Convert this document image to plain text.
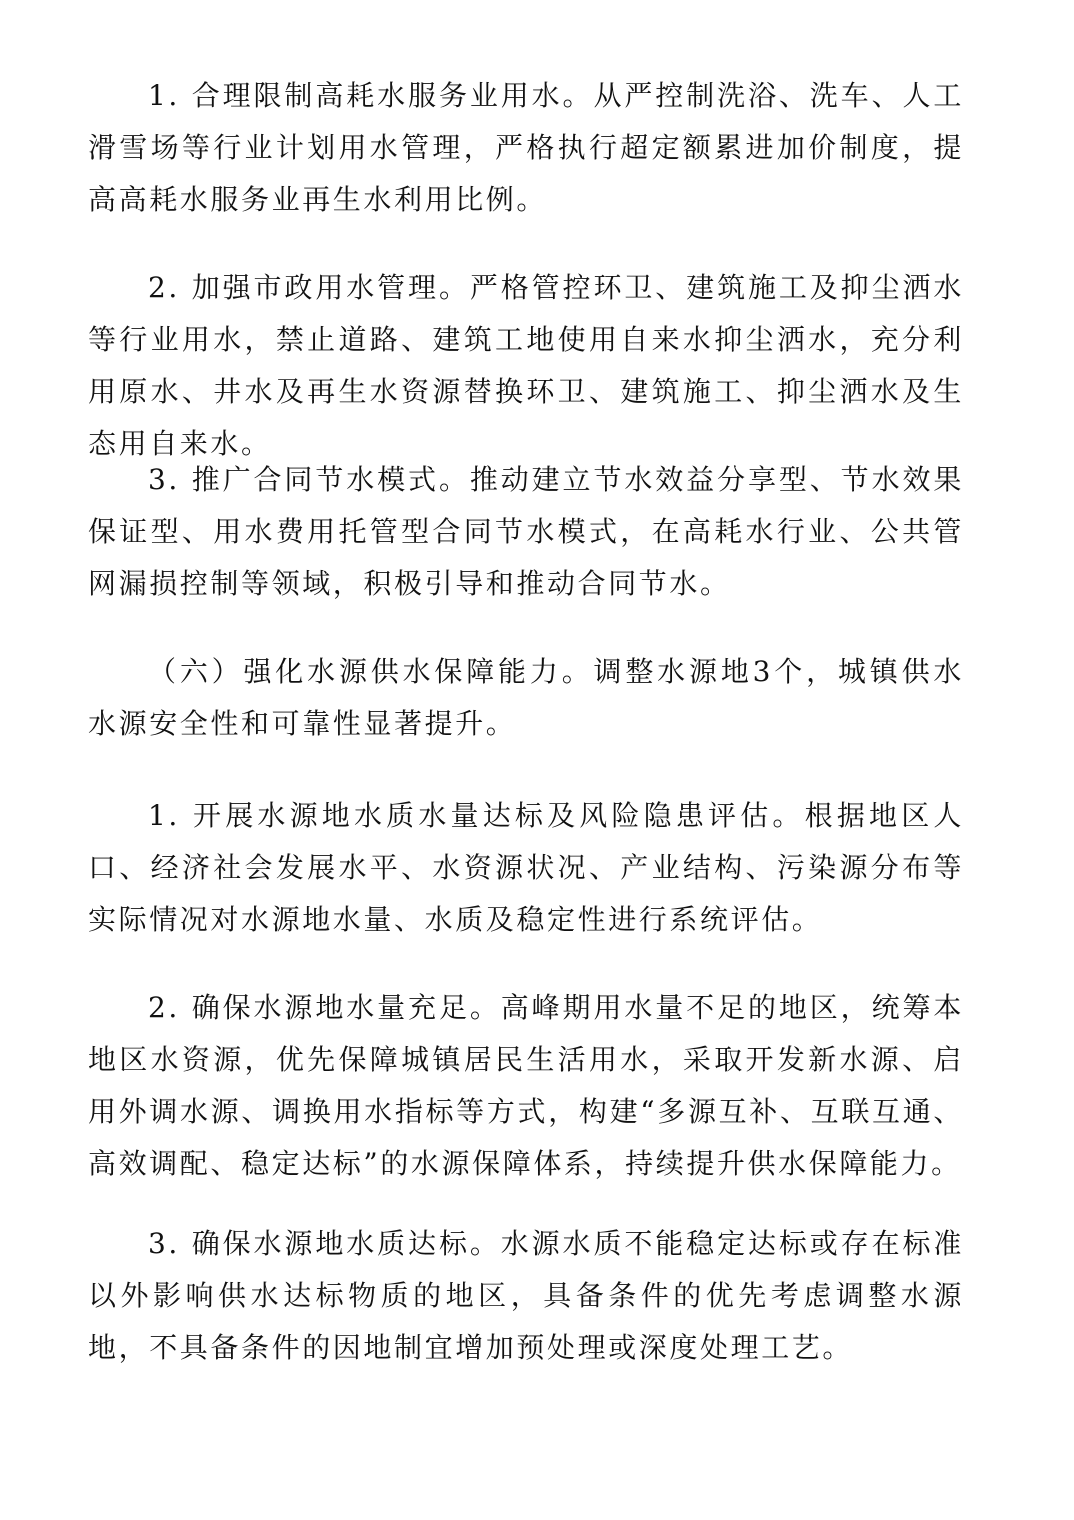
1. 合理限制高耗水服务业用水。从严控制洗浴、洗车、人工滑雪场等行业计划用水管理，严格执行超定额累进加价制度，提高高耗水服务业再生水利用比例。

2. 加强市政用水管理。严格管控环卫、建筑施工及抑尘洒水等行业用水，禁止道路、建筑工地使用自来水抑尘洒水，充分利用原水、井水及再生水资源替换环卫、建筑施工、抑尘洒水及生态用自来水。

3. 推广合同节水模式。推动建立节水效益分享型、节水效果保证型、用水费用托管型合同节水模式，在高耗水行业、公共管网漏损控制等领域，积极引导和推动合同节水。

（六）强化水源供水保障能力。调整水源地3个，城镇供水水源安全性和可靠性显著提升。

1. 开展水源地水质水量达标及风险隐患评估。根据地区人口、经济社会发展水平、水资源状况、产业结构、污染源分布等实际情况对水源地水量、水质及稳定性进行系统评估。

2. 确保水源地水量充足。高峰期用水量不足的地区，统筹本地区水资源，优先保障城镇居民生活用水，采取开发新水源、启用外调水源、调换用水指标等方式，构建“多源互补、互联互通、高效调配、稳定达标”的水源保障体系，持续提升供水保障能力。

3. 确保水源地水质达标。水源水质不能稳定达标或存在标准以外影响供水达标物质的地区，具备条件的优先考虑调整水源地，不具备条件的因地制宜增加预处理或深度处理工艺。
